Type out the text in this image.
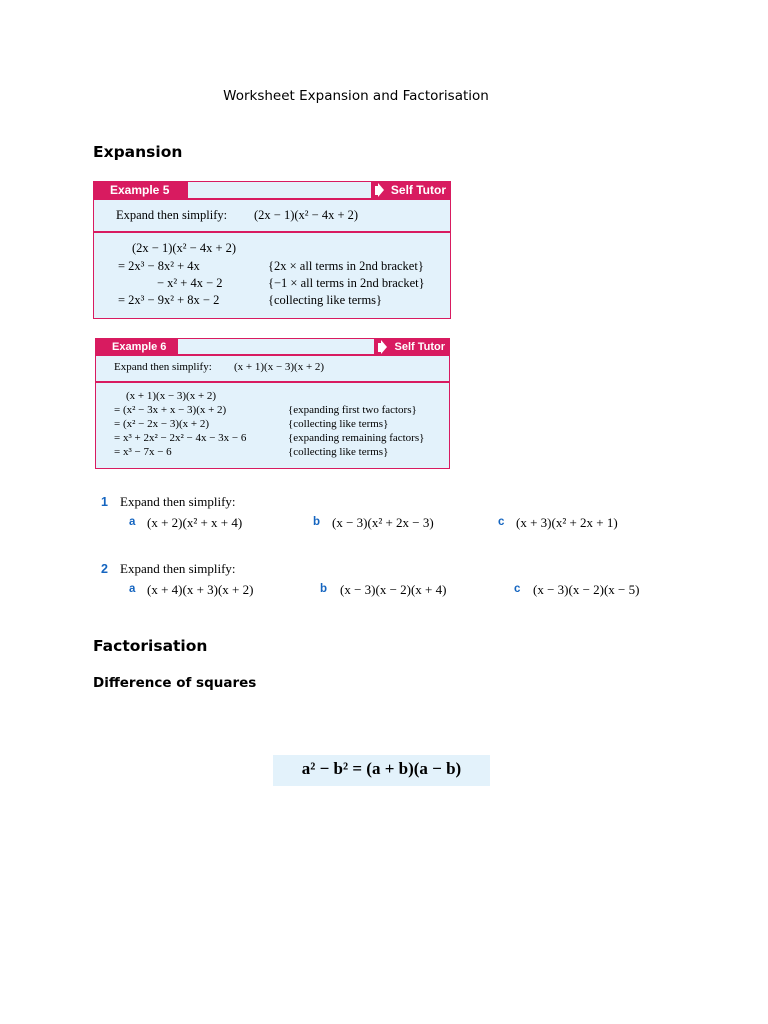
Worksheet Expansion and Factorisation
Expansion
Example 5	Self Tutor
Expand then simplify: (2x − 1)(x² − 4x + 2)
(2x − 1)(x² − 4x + 2)
= 2x³ − 8x² + 4x	{2x × all terms in 2nd bracket}
− x² + 4x − 2	{−1 × all terms in 2nd bracket}
= 2x³ − 9x² + 8x − 2	{collecting like terms}
Example 6	Self Tutor
Expand then simplify: (x + 1)(x − 3)(x + 2)
(x + 1)(x − 3)(x + 2)
= (x² − 3x + x − 3)(x + 2)	{expanding first two factors}
= (x² − 2x − 3)(x + 2)	{collecting like terms}
= x³ + 2x² − 2x² − 4x − 3x − 6	{expanding remaining factors}
= x³ − 7x − 6	{collecting like terms}
1 Expand then simplify:
a (x + 2)(x² + x + 4)	b (x − 3)(x² + 2x − 3)	c (x + 3)(x² + 2x + 1)
2 Expand then simplify:
a (x + 4)(x + 3)(x + 2)	b (x − 3)(x − 2)(x + 4)	c (x − 3)(x − 2)(x − 5)
Factorisation
Difference of squares
a² − b² = (a + b)(a − b)
